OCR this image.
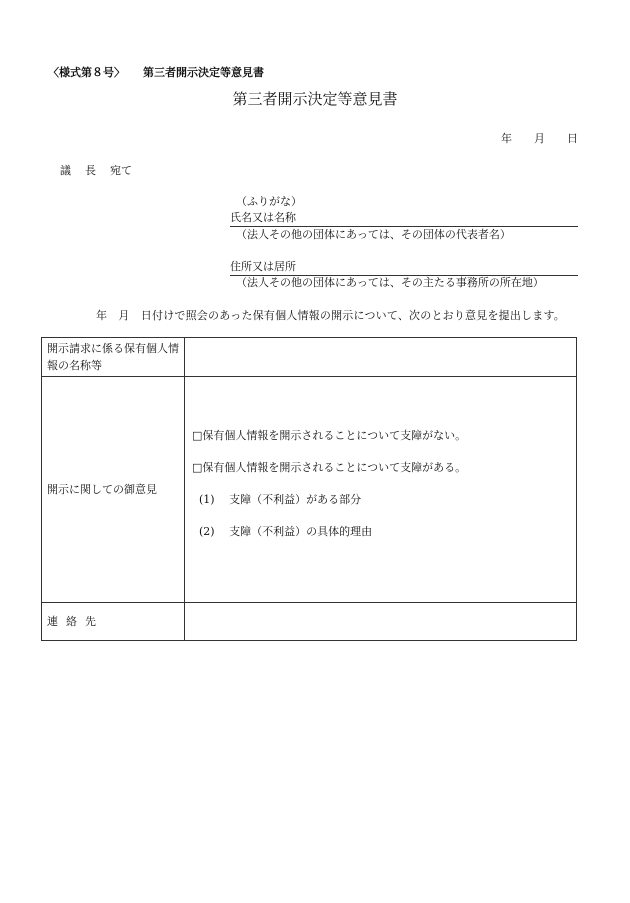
〈様式第８号〉 第三者開示決定等意見書
第三者開示決定等意見書
年 月 日
議 長 宛て
（ふりがな）
氏名又は名称
（法人その他の団体にあっては、その団体の代表者名）
住所又は居所
（法人その他の団体にあっては、その主たる事務所の所在地）
年　月　日付けで照会のあった保有個人情報の開示について、次のとおり意見を提出します。
開示請求に係る保有個人情報の名称等	
開示に関しての御意見	□保有個人情報を開示されることについて支障がない。
□保有個人情報を開示されることについて支障がある。
(1)　 支障（不利益）がある部分
(2)　 支障（不利益）の具体的理由

連 絡 先	
